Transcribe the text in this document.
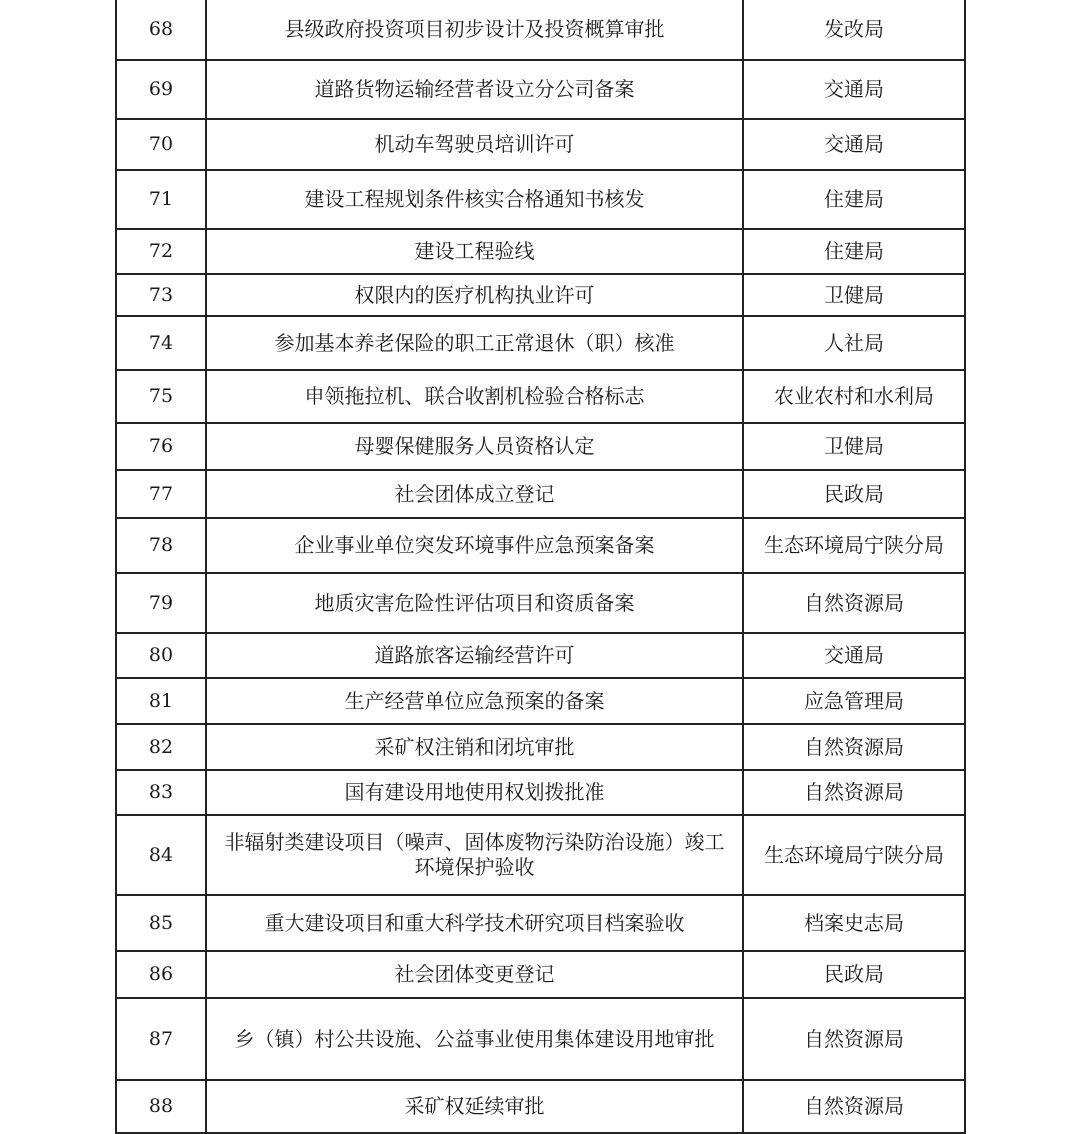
68	县级政府投资项目初步设计及投资概算审批	发改局
69	道路货物运输经营者设立分公司备案	交通局
70	机动车驾驶员培训许可	交通局
71	建设工程规划条件核实合格通知书核发	住建局
72	建设工程验线	住建局
73	权限内的医疗机构执业许可	卫健局
74	参加基本养老保险的职工正常退休（职）核准	人社局
75	申领拖拉机、联合收割机检验合格标志	农业农村和水利局
76	母婴保健服务人员资格认定	卫健局
77	社会团体成立登记	民政局
78	企业事业单位突发环境事件应急预案备案	生态环境局宁陕分局
79	地质灾害危险性评估项目和资质备案	自然资源局
80	道路旅客运输经营许可	交通局
81	生产经营单位应急预案的备案	应急管理局
82	采矿权注销和闭坑审批	自然资源局
83	国有建设用地使用权划拨批准	自然资源局
84	非辐射类建设项目（噪声、固体废物污染防治设施）竣工环境保护验收	生态环境局宁陕分局
85	重大建设项目和重大科学技术研究项目档案验收	档案史志局
86	社会团体变更登记	民政局
87	乡（镇）村公共设施、公益事业使用集体建设用地审批	自然资源局
88	采矿权延续审批	自然资源局
